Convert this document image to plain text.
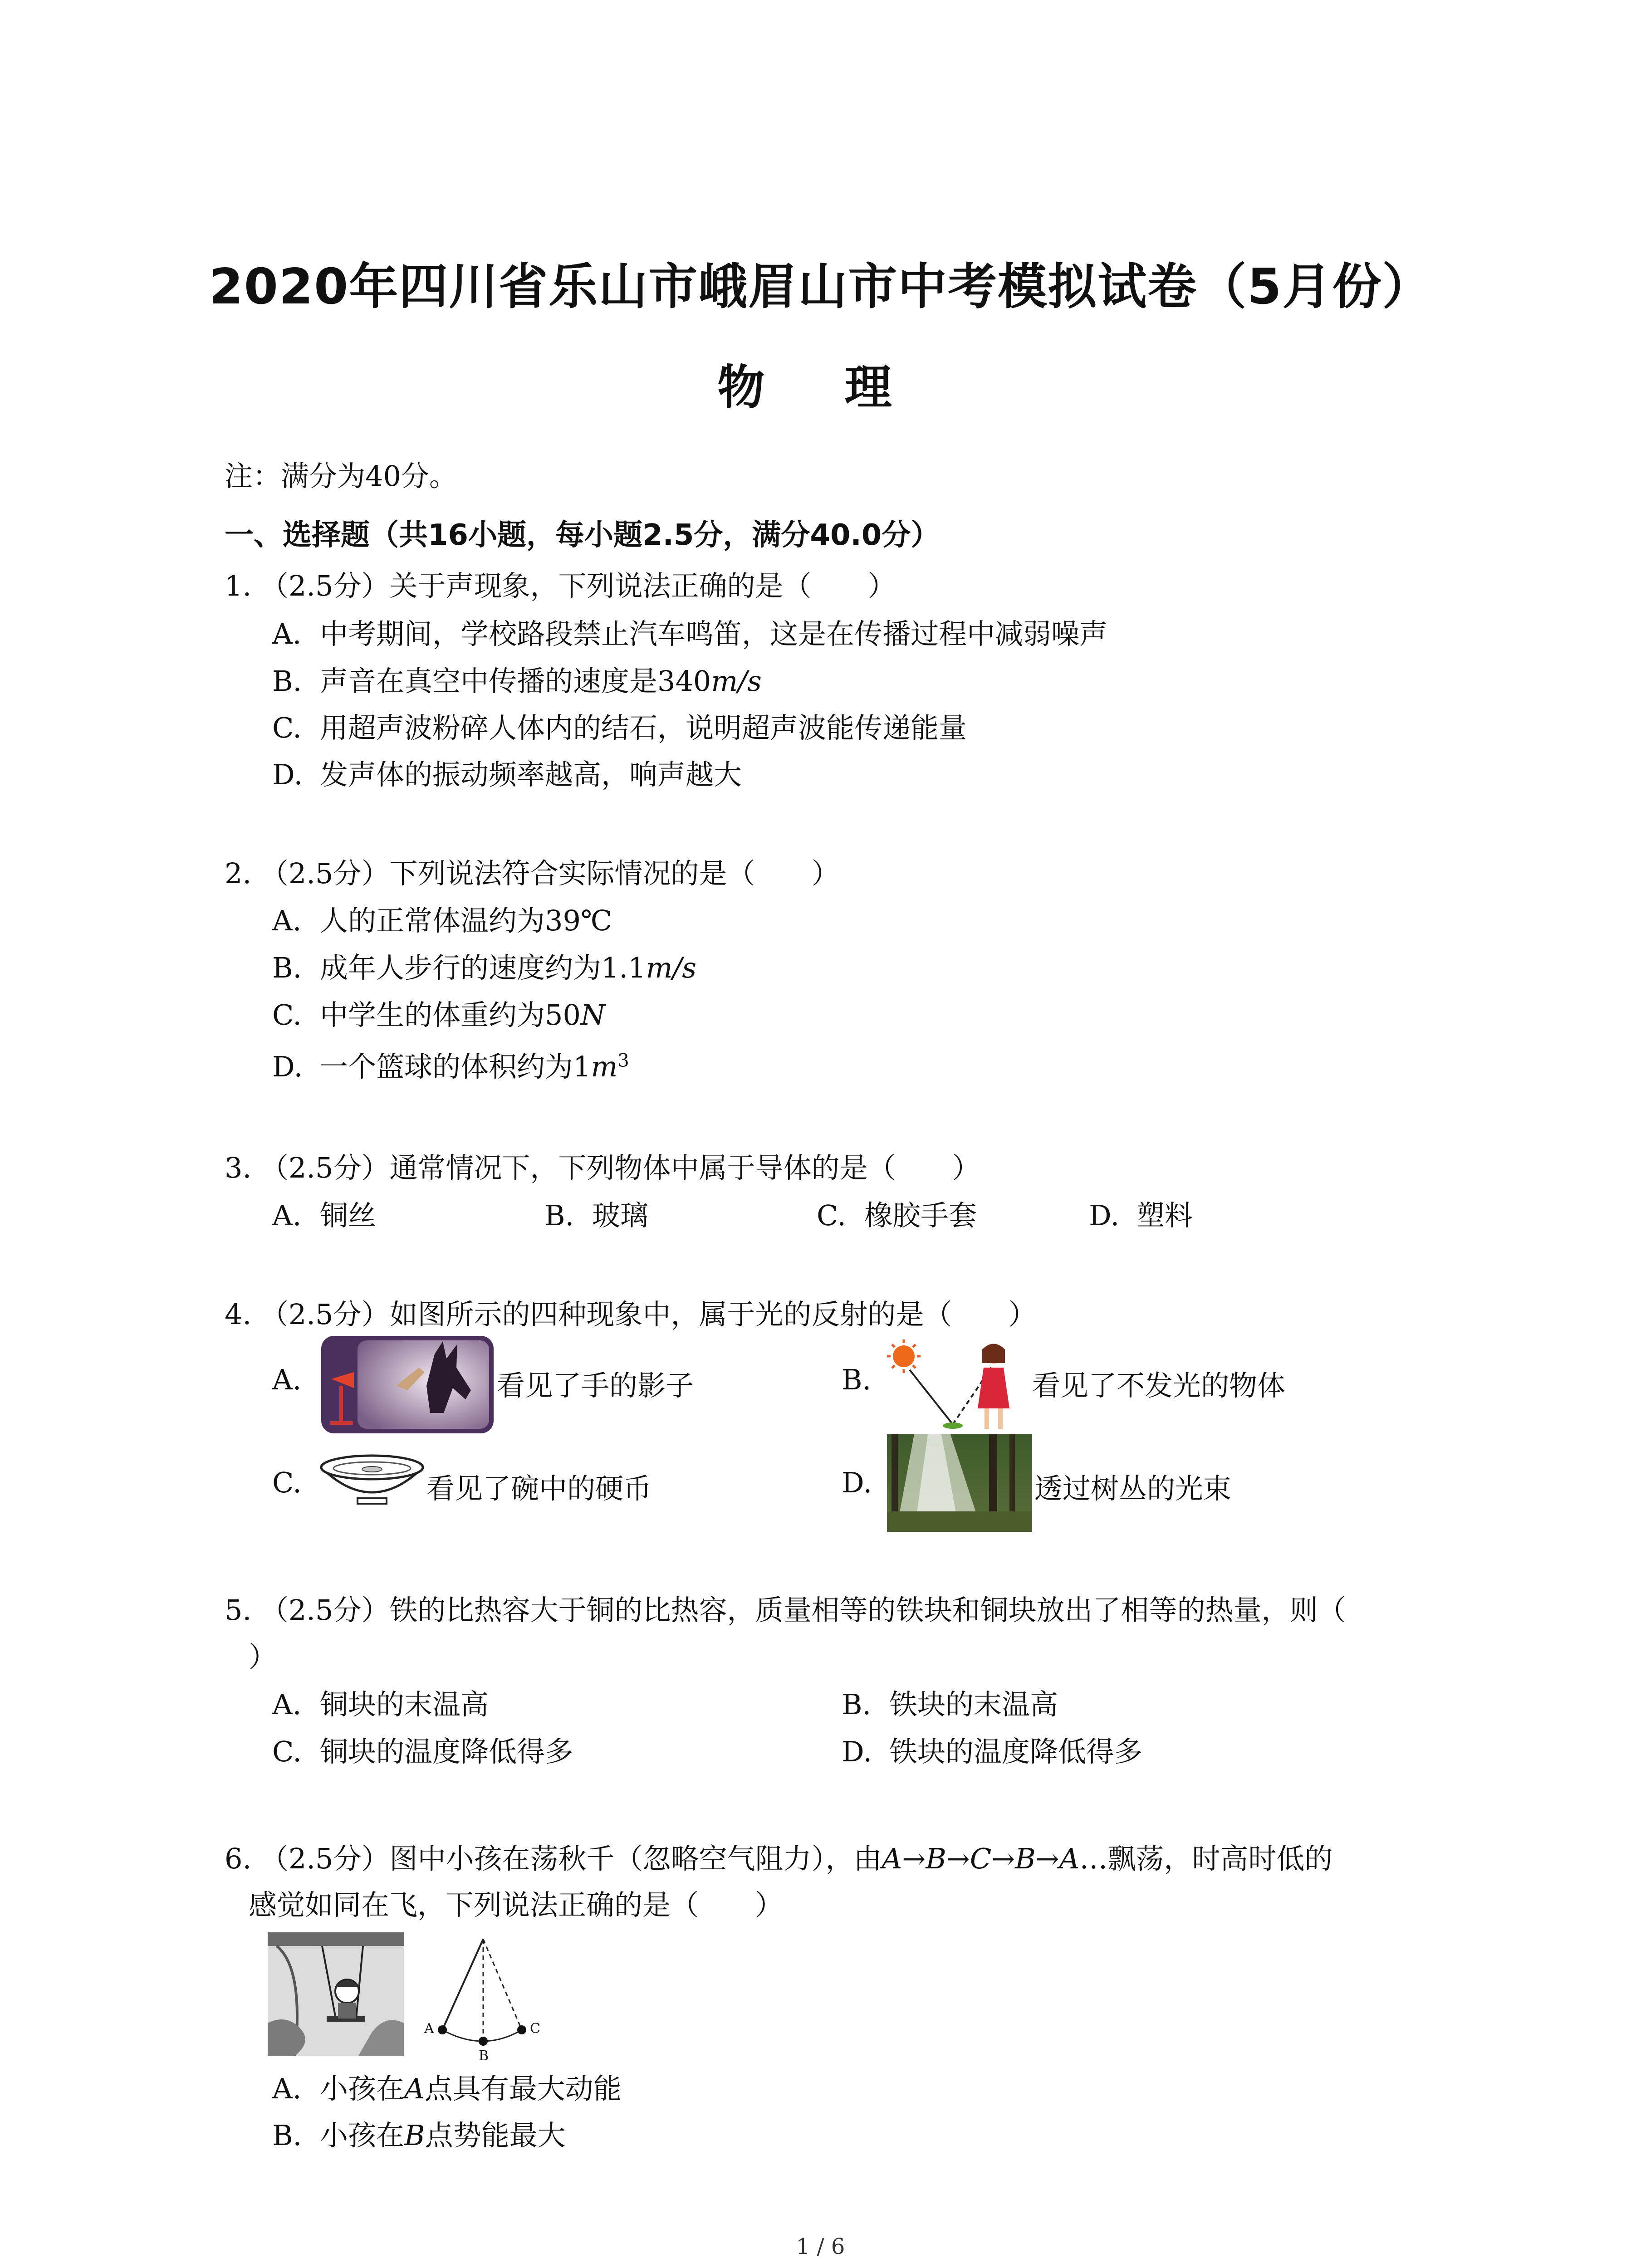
2020年四川省乐山市峨眉山市中考模拟试卷（5月份）
物 理
注：满分为40分。
一、选择题（共16小题，每小题2.5分，满分40.0分）
1. （2.5分）关于声现象，下列说法正确的是（　　）
A. 中考期间，学校路段禁止汽车鸣笛，这是在传播过程中减弱噪声
B. 声音在真空中传播的速度是340m/s
C. 用超声波粉碎人体内的结石，说明超声波能传递能量
D. 发声体的振动频率越高，响声越大
2. （2.5分）下列说法符合实际情况的是（　　）
A. 人的正常体温约为39℃
B. 成年人步行的速度约为1.1m/s
C. 中学生的体重约为50N
D. 一个篮球的体积约为$1m^3$
3. （2.5分）通常情况下，下列物体中属于导体的是（　　）
A. 铜丝	B. 玻璃	C. 橡胶手套	D. 塑料
4. （2.5分）如图所示的四种现象中，属于光的反射的是（　　）
A.	看见了手的影子	B.	看见了不发光的物体
C.	看见了碗中的硬币	D.	透过树丛的光束
5. （2.5分）铁的比热容大于铜的比热容，质量相等的铁块和铜块放出了相等的热量，则（
）
A. 铜块的末温高	B. 铁块的末温高
C. 铜块的温度降低得多	D. 铁块的温度降低得多
6. （2.5分）图中小孩在荡秋千（忽略空气阻力），由A→B→C→B→A…飘荡，时高时低的
感觉如同在飞，下列说法正确的是（　　）
A
B
C
A. 小孩在A点具有最大动能
B. 小孩在B点势能最大
1 / 6
